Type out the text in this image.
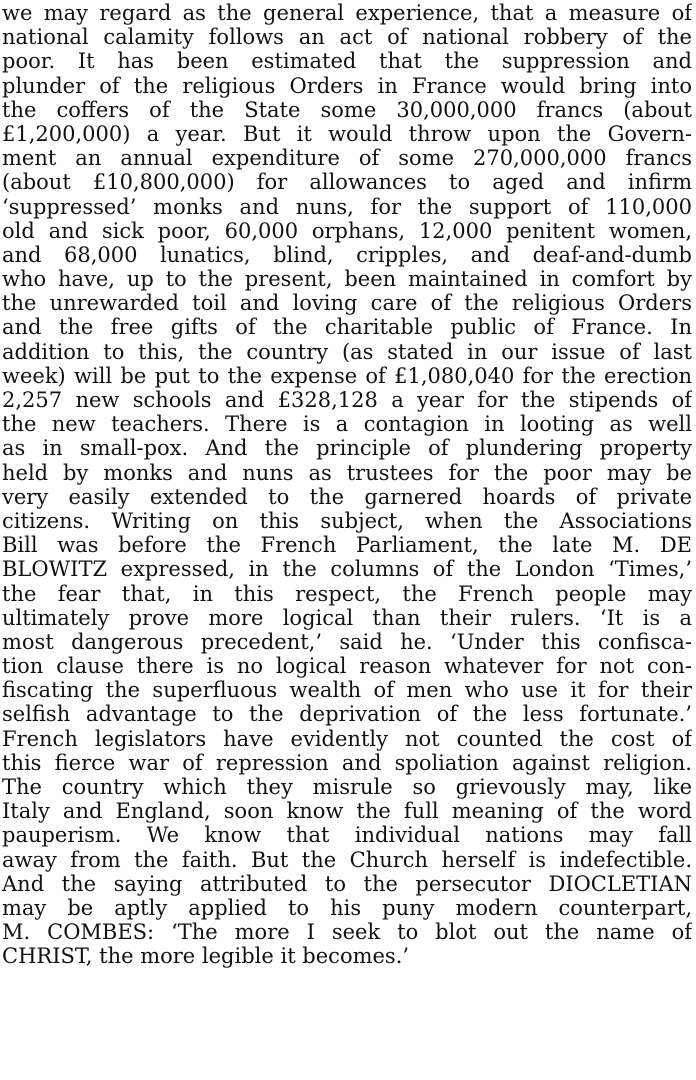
we may regard as the general experience, that a measure of
national calamity follows an act of national robbery of the
poor. It has been estimated that the suppression and
plunder of the religious Orders in France would bring into
the coffers of the State some 30,000,000 francs (about
£1,200,000) a year. But it would throw upon the Govern-
ment an annual expenditure of some 270,000,000 francs
(about £10,800,000) for allowances to aged and infirm
‘suppressed’ monks and nuns, for the support of 110,000
old and sick poor, 60,000 orphans, 12,000 penitent women,
and 68,000 lunatics, blind, cripples, and deaf-and-dumb
who have, up to the present, been maintained in comfort by
the unrewarded toil and loving care of the religious Orders
and the free gifts of the charitable public of France. In
addition to this, the country (as stated in our issue of last
week) will be put to the expense of £1,080,040 for the erection
2,257 new schools and £328,128 a year for the stipends of
the new teachers. There is a contagion in looting as well
as in small-pox. And the principle of plundering property
held by monks and nuns as trustees for the poor may be
very easily extended to the garnered hoards of private
citizens. Writing on this subject, when the Associations
Bill was before the French Parliament, the late M. DE
BLOWITZ expressed, in the columns of the London ‘Times,’
the fear that, in this respect, the French people may
ultimately prove more logical than their rulers. ‘It is a
most dangerous precedent,’ said he. ‘Under this confisca-
tion clause there is no logical reason whatever for not con-
fiscating the superfluous wealth of men who use it for their
selfish advantage to the deprivation of the less fortunate.’
French legislators have evidently not counted the cost of
this fierce war of repression and spoliation against religion.
The country which they misrule so grievously may, like
Italy and England, soon know the full meaning of the word
pauperism. We know that individual nations may fall
away from the faith. But the Church herself is indefectible.
And the saying attributed to the persecutor DIOCLETIAN
may be aptly applied to his puny modern counterpart,
M. COMBES: ‘The more I seek to blot out the name of
CHRIST, the more legible it becomes.’
